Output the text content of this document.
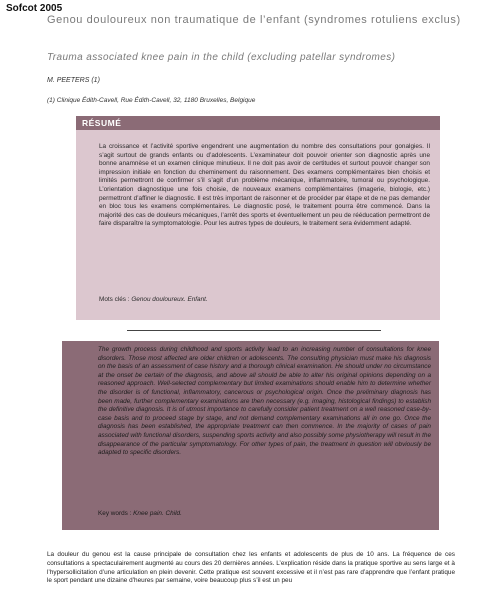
Sofcot 2005
Genou douloureux non traumatique de l’enfant (syndromes rotuliens exclus)
Trauma associated knee pain in the child (excluding patellar syndromes)
M. PEETERS (1)
(1) Clinique Édith-Cavell, Rue Édith-Cavell, 32, 1180 Bruxelles, Belgique
RÉSUMÉ
La croissance et l’activité sportive engendrent une augmentation du nombre des consultations pour gonalgies. Il s’agit surtout de grands enfants ou d’adolescents. L’examinateur doit pouvoir orienter son diagnostic après une bonne anamnèse et un examen clinique minutieux. Il ne doit pas avoir de certitudes et surtout pouvoir changer son impression initiale en fonction du cheminement du raisonnement. Des examens complémentaires bien choisis et limités permettront de confirmer s’il s’agit d’un problème mécanique, inflammatoire, tumoral ou psychologique. L’orientation diagnostique une fois choisie, de nouveaux examens complémentaires (imagerie, biologie, etc.) permettront d’affiner le diagnostic. Il est très important de raisonner et de procéder par étape et de ne pas demander en bloc tous les examens complémentaires. Le diagnostic posé, le traitement pourra être commencé. Dans la majorité des cas de douleurs mécaniques, l’arrêt des sports et éventuellement un peu de rééducation permettront de faire disparaître la symptomatologie. Pour les autres types de douleurs, le traitement sera évidemment adapté.
Mots clés : Genou douloureux. Enfant.
The growth process during childhood and sports activity lead to an increasing number of consultations for knee disorders. Those most affected are older children or adolescents. The consulting physician must make his diagnosis on the basis of an assessment of case history and a thorough clinical examination. He should under no circumstance at the onset be certain of the diagnosis, and above all should be able to alter his original opinions depending on a reasoned approach. Well-selected complementary but limited examinations should enable him to determine whether the disorder is of functional, inflammatory, cancerous or psychological origin. Once the preliminary diagnosis has been made, further complementary examinations are then necessary (e.g. imaging, histological findings) to establish the definitive diagnosis. It is of utmost importance to carefully consider patient treatment on a well reasoned case-by-case basis and to proceed stage by stage, and not demand complementary examinations all in one go. Once the diagnosis has been established, the appropriate treatment can then commence. In the majority of cases of pain associated with functional disorders, suspending sports activity and also possibly some physiotherapy will result in the disappearance of the particular symptomatology. For other types of pain, the treatment in question will obviously be adapted to specific disorders.
Key words : Knee pain. Child.
La douleur du genou est la cause principale de consultation chez les enfants et adolescents de plus de 10 ans. La fréquence de ces consultations a spectaculairement augmenté au cours des 20 dernières années. L’explication réside dans la pratique sportive au sens large et à l’hypersollicitation d’une articulation en plein devenir. Cette pratique est souvent excessive et il n’est pas rare d’apprendre que l’enfant pratique le sport pendant une dizaine d’heures par semaine, voire beaucoup plus s’il est un peu
